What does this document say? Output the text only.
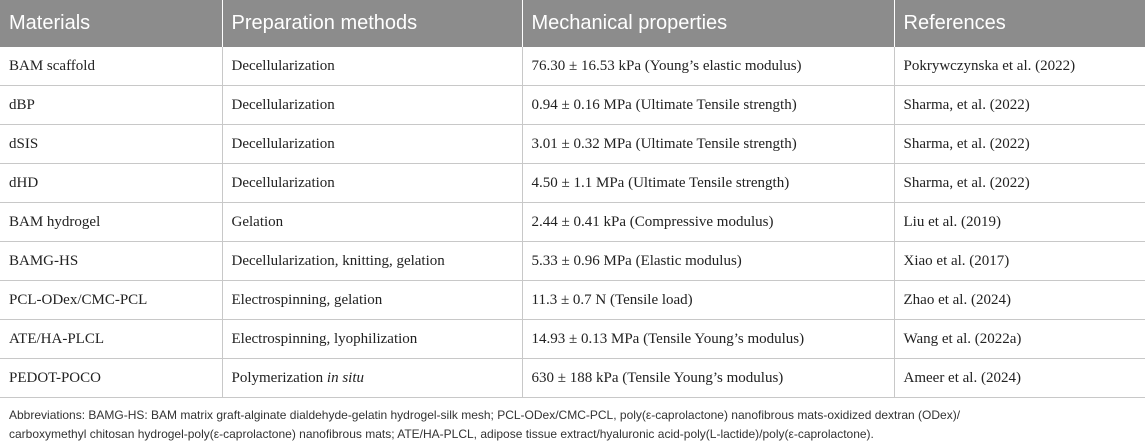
Materials	Preparation methods	Mechanical properties	References
BAM scaffold	Decellularization	76.30 ± 16.53 kPa (Young’s elastic modulus)	Pokrywczynska et al. (2022)
dBP	Decellularization	0.94 ± 0.16 MPa (Ultimate Tensile strength)	Sharma, et al. (2022)
dSIS	Decellularization	3.01 ± 0.32 MPa (Ultimate Tensile strength)	Sharma, et al. (2022)
dHD	Decellularization	4.50 ± 1.1 MPa (Ultimate Tensile strength)	Sharma, et al. (2022)
BAM hydrogel	Gelation	2.44 ± 0.41 kPa (Compressive modulus)	Liu et al. (2019)
BAMG-HS	Decellularization, knitting, gelation	5.33 ± 0.96 MPa (Elastic modulus)	Xiao et al. (2017)
PCL-ODex/CMC-PCL	Electrospinning, gelation	11.3 ± 0.7 N (Tensile load)	Zhao et al. (2024)
ATE/HA-PLCL	Electrospinning, lyophilization	14.93 ± 0.13 MPa (Tensile Young’s modulus)	Wang et al. (2022a)
PEDOT-POCO	Polymerization in situ	630 ± 188 kPa (Tensile Young’s modulus)	Ameer et al. (2024)
Abbreviations: BAMG-HS: BAM matrix graft-alginate dialdehyde-gelatin hydrogel-silk mesh; PCL-ODex/CMC-PCL, poly(ε-caprolactone) nanofibrous mats-oxidized dextran (ODex)/
carboxymethyl chitosan hydrogel-poly(ε-caprolactone) nanofibrous mats; ATE/HA-PLCL, adipose tissue extract/hyaluronic acid-poly(L-lactide)/poly(ε-caprolactone).
